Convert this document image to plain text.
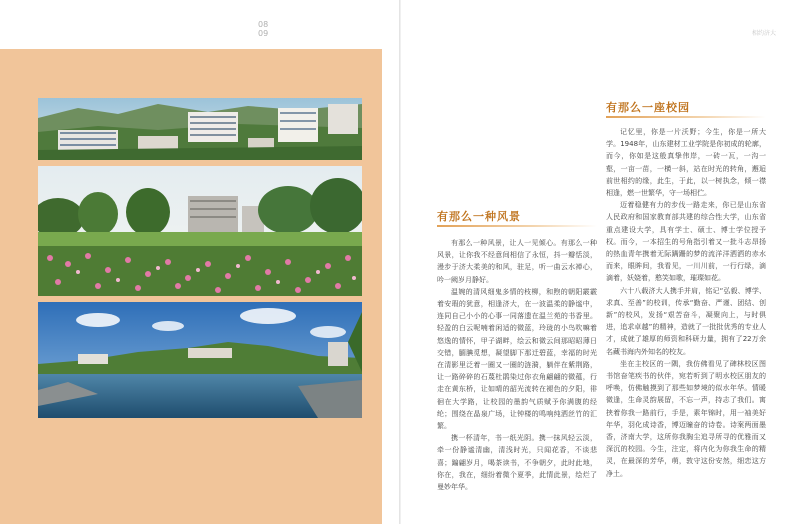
08
09	相约济大
有那么一座校园

记忆里，你是一片沃野；今生，你是一所大学。1948年，山东建材工业学院是你初成的轮廓，而今，你如是这般真挚伟岸，一砖一瓦，一沟一壑，一亩一苗，一横一斜，站在时光的转角，邂逅前世相约的缘，此生，于此，以一树执念，倾一襟相逢，燃一世繁华，守一场相伫。

迈着稳健有力的步伐一路走来，你已是山东省人民政府和国家教育部共建的综合性大学，山东省重点建设大学，具有学士、硕士、博士学位授予权。而今，一本招生的号角指引着又一批斗志昂扬的热血青年携着无际蹒跚的梦的流洋洋洒洒的赤水而来，眼眸间，我看见，一川川前，一行行绿，滴滴着，妖娆着，憨笑如歌，璀璨如花。

六十八载济大人携手并肩，铭记“弘毅、博学、求真、至善”的校训，传承“勤奋、严谨、团结、创新”的校风，发扬“艰苦奋斗，凝聚向上，与时俱进，追求卓越”的精神，造就了一批批优秀的专业人才，成就了雄厚的师资和科研力量，拥有了22万余名藏书海内外知名的校友。

坐在主校区的一隅，我仿佛看见了碑林校区图书馆奋笔疾书的伙伴，宛若听到了明水校区朋友的呼唤，仿佛触摸到了那些如梦境的似水年华。情暖微逢，生命灵韵展留，不忘一声，持志了我们。寓挟着你我一路前行，手是，素年锦时，用一袖美好年华，羽化成诗香，博迈瞳奋的诗卷。诗案两面墨香，济南大学，这所你我胸尘追寻所寻的优雅而又深沉的校园。今生，注定，将内化为你我生命的精灵，在最深的芳华，萌，敦守这份安然，细恋这方净土。

有那么一种风景

有那么一种风景，让人一见倾心。有那么一种风景，让你我不经意间相信了永恒，抖一瓣恬淡，漫步于济大柔美的和风，驻足，听一曲云水禅心，吟一阙岁月静好。

温婉的清风细鬼多情的枝柳，和煦的朝阳霰霰着安瑕的犹意，相逢济大，在一波温柔的静谧中，连同自己小小的心事一同落遗在温兰苑的书香里。轻盈的白云呢喃着闲适的微蓝，玲珑的小鸟吹嘛着悠逸的情怀，甲子湖畔，绘云和微云间那昭昭薄日交错，腼腆觅想，凝望脚下那迁碧蓝，幸福的时光在清影里泛着一圈又一圈的涟漪，躺伴在紫荆路，让一路碎碎的石蔑杜鹃染过你衣角翩翩的微蕴，行走在黄东桥，让如晴的韶光流转在褪色的夕阳，徘徊在大学路，让校园的墨韵气质赋予你满腹的经纶；围绕在晶泉广场，让钟楼的鸣响纯洒丝竹的汇繁。

携一杯清年，书一纸光阴。携一抹风轻云淡，牵一份静谧清幽，清浅时光，只闻花香，不谈悲喜；蹁翩岁月，喝茶读书，不争朝夕，此时此地，你在，我在，细纷着微个夏季，此情此景，绘烂了曼妙年华。
